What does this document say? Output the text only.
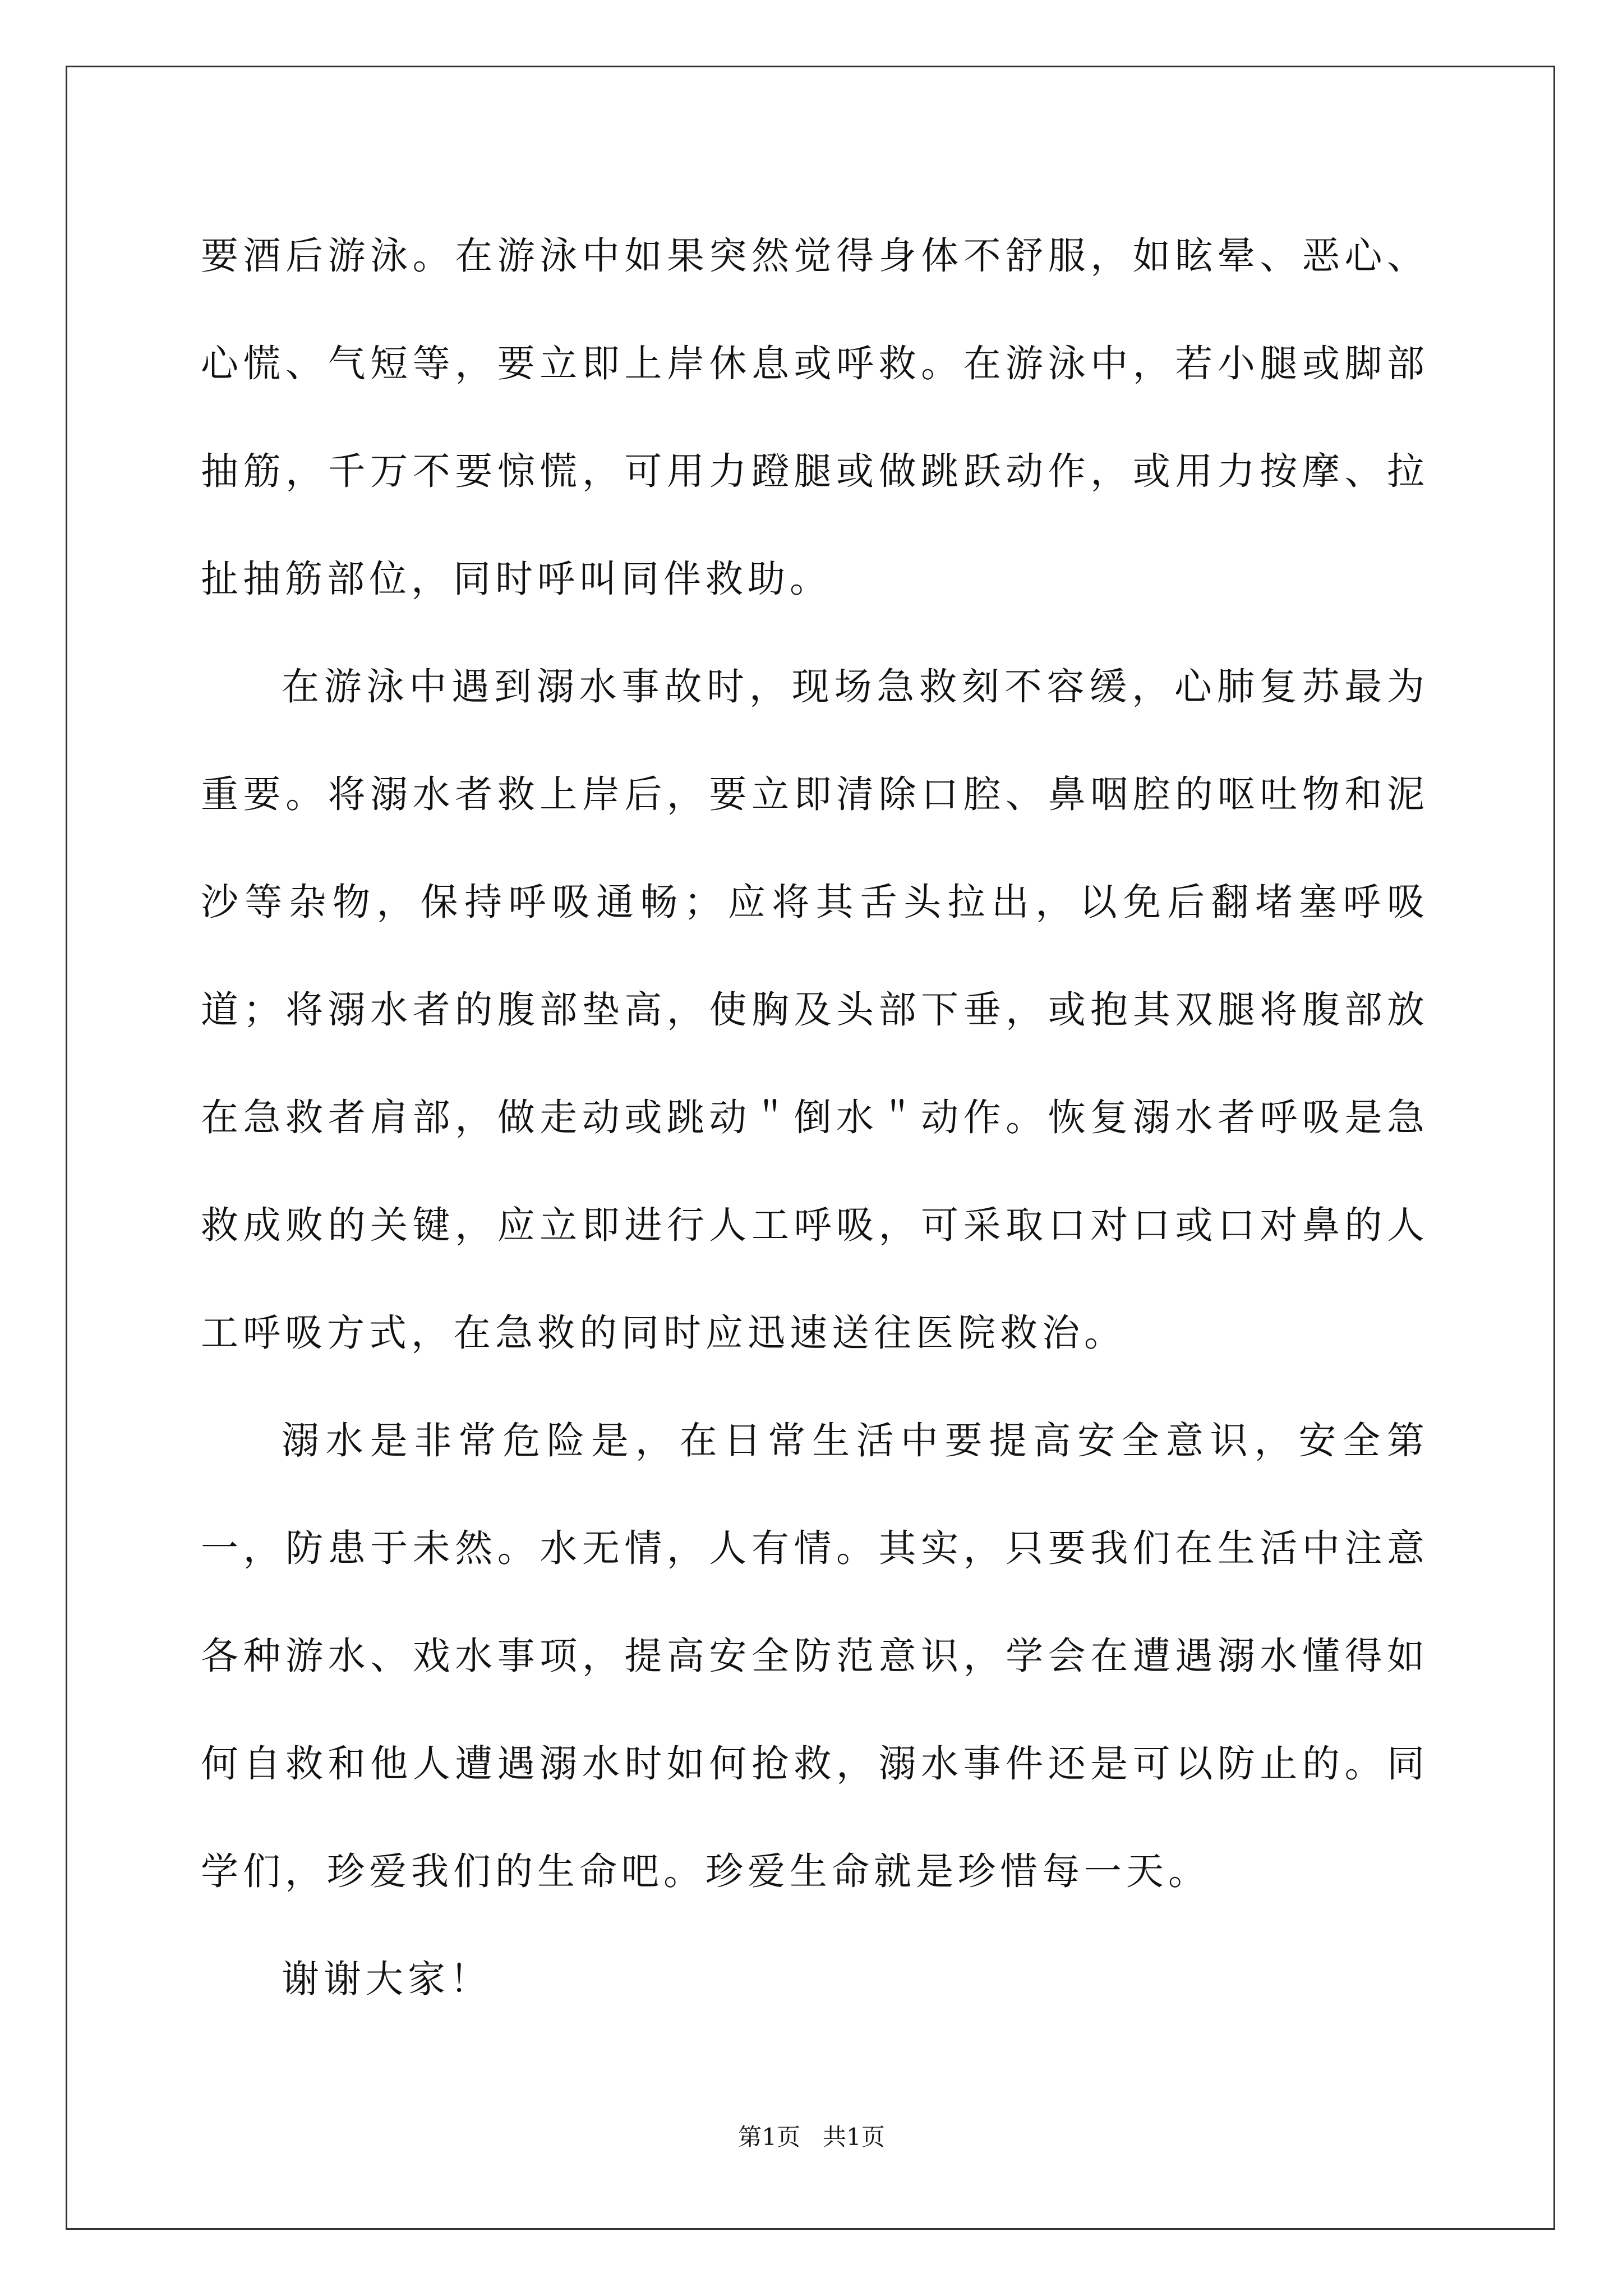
要酒后游泳。在游泳中如果突然觉得身体不舒服，如眩晕、恶心、心慌、气短等，要立即上岸休息或呼救。在游泳中，若小腿或脚部抽筋，千万不要惊慌，可用力蹬腿或做跳跃动作，或用力按摩、拉扯抽筋部位，同时呼叫同伴救助。

在游泳中遇到溺水事故时，现场急救刻不容缓，心肺复苏最为重要。将溺水者救上岸后，要立即清除口腔、鼻咽腔的呕吐物和泥沙等杂物，保持呼吸通畅；应将其舌头拉出，以免后翻堵塞呼吸道；将溺水者的腹部垫高，使胸及头部下垂，或抱其双腿将腹部放在急救者肩部，做走动或跳动＂倒水＂动作。恢复溺水者呼吸是急救成败的关键，应立即进行人工呼吸，可采取口对口或口对鼻的人工呼吸方式，在急救的同时应迅速送往医院救治。

溺水是非常危险是，在日常生活中要提高安全意识，安全第一，防患于未然。水无情，人有情。其实，只要我们在生活中注意各种游水、戏水事项，提高安全防范意识，学会在遭遇溺水懂得如何自救和他人遭遇溺水时如何抢救，溺水事件还是可以防止的。同学们，珍爱我们的生命吧。珍爱生命就是珍惜每一天。

谢谢大家！

第1页 共1页
